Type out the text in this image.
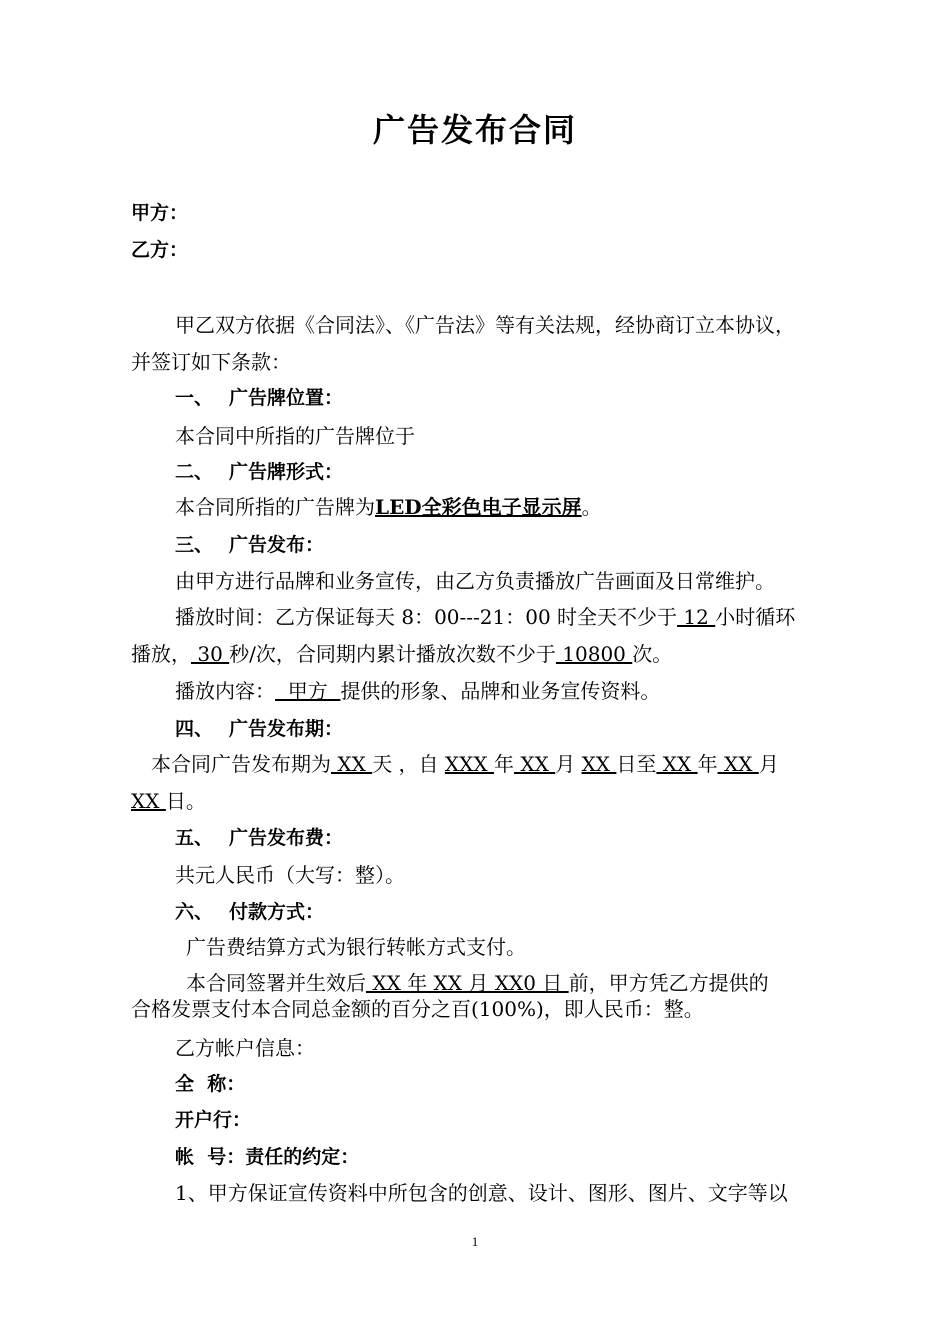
广告发布合同
甲方：
乙方：
甲乙双方依据《合同法》、《广告法》等有关法规，经协商订立本协议，
并签订如下条款：
一、 广告牌位置：
本合同中所指的广告牌位于
二、 广告牌形式：
本合同所指的广告牌为LED全彩色电子显示屏。
三、 广告发布：
由甲方进行品牌和业务宣传，由乙方负责播放广告画面及日常维护。
播放时间：乙方保证每天 8：00---21：00 时全天不少于 12 小时循环
播放， 30 秒/次，合同期内累计播放次数不少于 10800 次。
播放内容：  甲方  提供的形象、品牌和业务宣传资料。
四、 广告发布期：
本合同广告发布期为 XX 天 ，自 XXX 年 XX 月 XX 日至 XX 年 XX 月
XX 日。
五、 广告发布费：
共元人民币（大写：整）。
六、 付款方式：
广告费结算方式为银行转帐方式支付。
本合同签署并生效后 XX 年 XX 月 XX0 日 前，甲方凭乙方提供的
合格发票支付本合同总金额的百分之百(100%)，即人民币：整。
乙方帐户信息：
全  称：
开户行：
帐  号：责任的约定：
1、甲方保证宣传资料中所包含的创意、设计、图形、图片、文字等以
1
